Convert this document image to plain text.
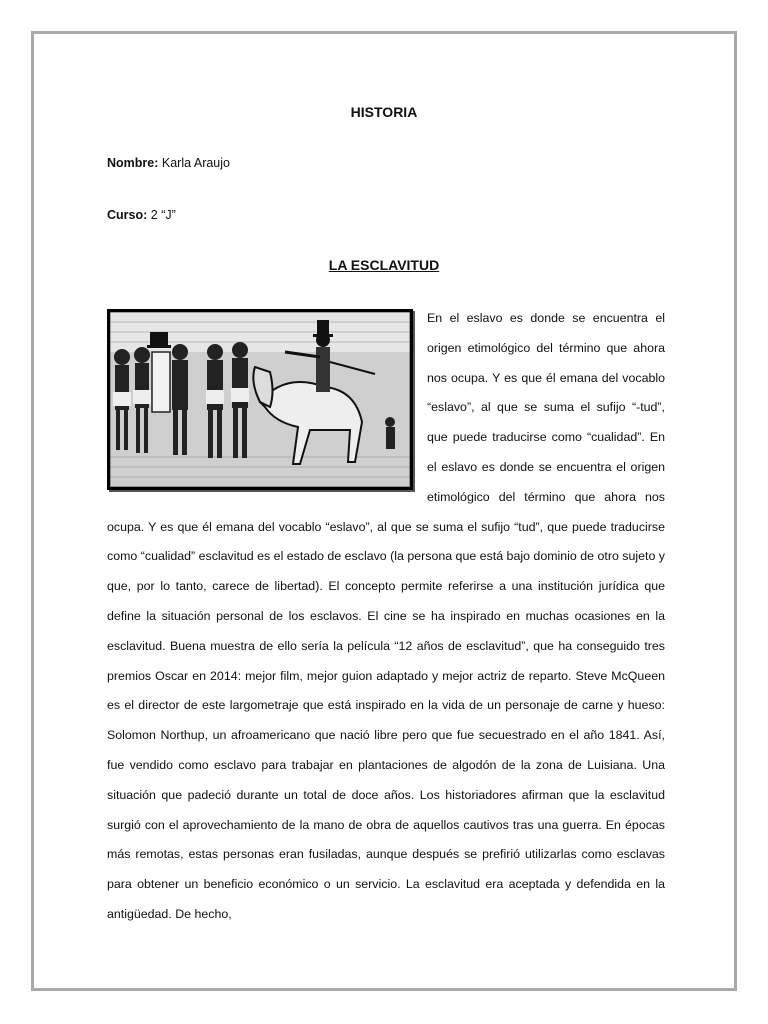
HISTORIA
Nombre: Karla Araujo
Curso: 2 “J”
LA ESCLAVITUD
En el eslavo es donde se encuentra el origen etimológico del término que ahora nos ocupa. Y es que él emana del vocablo “eslavo”, al que se suma el sufijo “-tud”, que puede traducirse como “cualidad”. En el eslavo es donde se encuentra el origen etimológico del término que ahora nos ocupa. Y es que él emana del vocablo “eslavo”, al que se suma el sufijo “tud”, que puede traducirse como “cualidad” esclavitud es el estado de esclavo (la persona que está bajo dominio de otro sujeto y que, por lo tanto, carece de libertad). El concepto permite referirse a una institución jurídica que define la situación personal de los esclavos. El cine se ha inspirado en muchas ocasiones en la esclavitud. Buena muestra de ello sería la película “12 años de esclavitud”, que ha conseguido tres premios Oscar en 2014: mejor film, mejor guion adaptado y mejor actriz de reparto. Steve McQueen es el director de este largometraje que está inspirado en la vida de un personaje de carne y hueso: Solomon Northup, un afroamericano que nació libre pero que fue secuestrado en el año 1841. Así, fue vendido como esclavo para trabajar en plantaciones de algodón de la zona de Luisiana. Una situación que padeció durante un total de doce años. Los historiadores afirman que la esclavitud surgió con el aprovechamiento de la mano de obra de aquellos cautivos tras una guerra. En épocas más remotas, estas personas eran fusiladas, aunque después se prefirió utilizarlas como esclavas para obtener un beneficio económico o un servicio. La esclavitud era aceptada y defendida en la antigüedad. De hecho,
